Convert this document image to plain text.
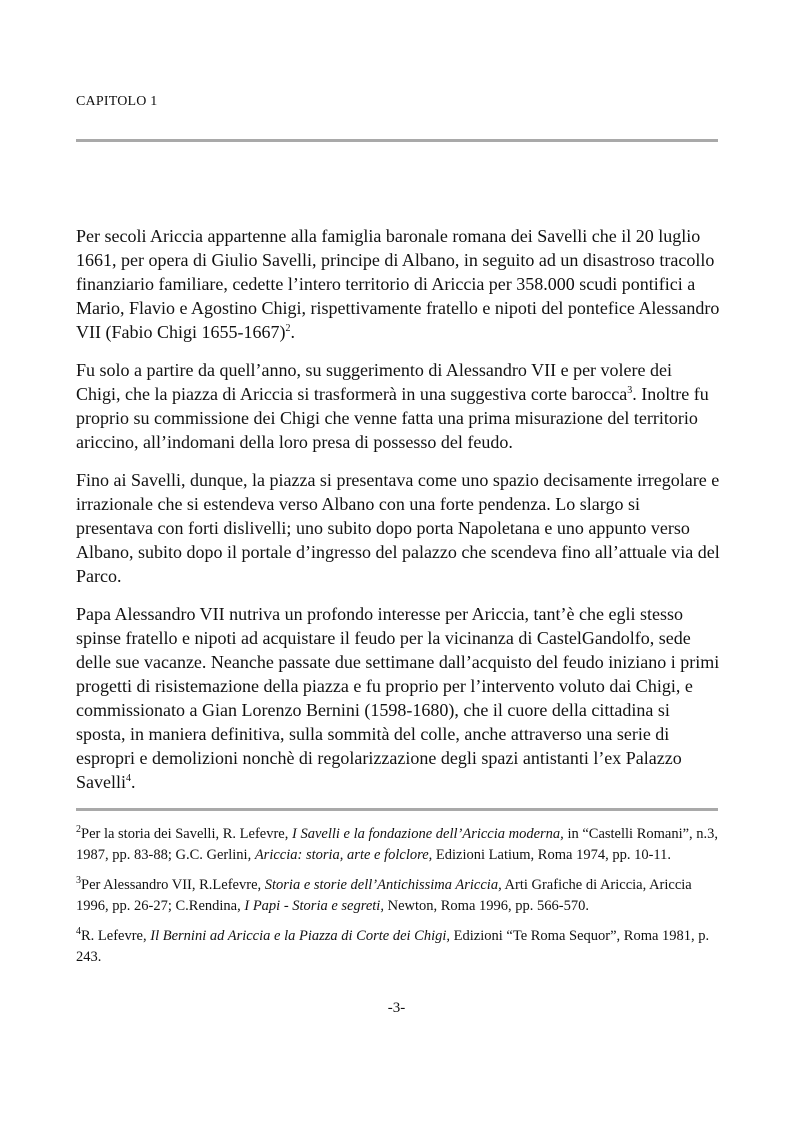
CAPITOLO 1

Per secoli Ariccia appartenne alla famiglia baronale romana dei Savelli che il 20 luglio 1661, per opera di Giulio Savelli, principe di Albano, in seguito ad un disastroso tracollo finanziario familiare, cedette l’intero territorio di Ariccia per 358.000 scudi pontifici a Mario, Flavio e Agostino Chigi, rispettivamente fratello e nipoti del pontefice Alessandro VII (Fabio Chigi 1655-1667)$^2$.

Fu solo a partire da quell’anno, su suggerimento di Alessandro VII e per volere dei Chigi, che la piazza di Ariccia si trasformerà in una suggestiva corte barocca$^3$. Inoltre fu proprio su commissione dei Chigi che venne fatta una prima misurazione del territorio ariccino, all’indomani della loro presa di possesso del feudo.

Fino ai Savelli, dunque, la piazza si presentava come uno spazio decisamente irregolare e irrazionale che si estendeva verso Albano con una forte pendenza. Lo slargo si presentava con forti dislivelli; uno subito dopo porta Napoletana e uno appunto verso Albano, subito dopo il portale d’ingresso del palazzo che scendeva fino all’attuale via del Parco.

Papa Alessandro VII nutriva un profondo interesse per Ariccia, tant’è che egli stesso spinse fratello e nipoti ad acquistare il feudo per la vicinanza di CastelGandolfo, sede delle sue vacanze. Neanche passate due settimane dall’acquisto del feudo iniziano i primi progetti di risistemazione della piazza e fu proprio per l’intervento voluto dai Chigi, e commissionato a Gian Lorenzo Bernini (1598-1680), che il cuore della cittadina si sposta, in maniera definitiva, sulla sommità del colle, anche attraverso una serie di espropri e demolizioni nonchè di regolarizzazione degli spazi antistanti l’ex Palazzo Savelli$^4$.

$^2$Per la storia dei Savelli, R. Lefevre, I Savelli e la fondazione dell’Ariccia moderna, in “Castelli Romani”, n.3, 1987, pp. 83-88; G.C. Gerlini, Ariccia: storia, arte e folclore, Edizioni Latium, Roma 1974, pp. 10-11.

$^3$Per Alessandro VII, R.Lefevre, Storia e storie dell’Antichissima Ariccia, Arti Grafiche di Ariccia, Ariccia 1996, pp. 26-27; C.Rendina, I Papi - Storia e segreti, Newton, Roma 1996, pp. 566-570.

$^4$R. Lefevre, Il Bernini ad Ariccia e la Piazza di Corte dei Chigi, Edizioni “Te Roma Sequor”, Roma 1981, p. 243.

-3-
